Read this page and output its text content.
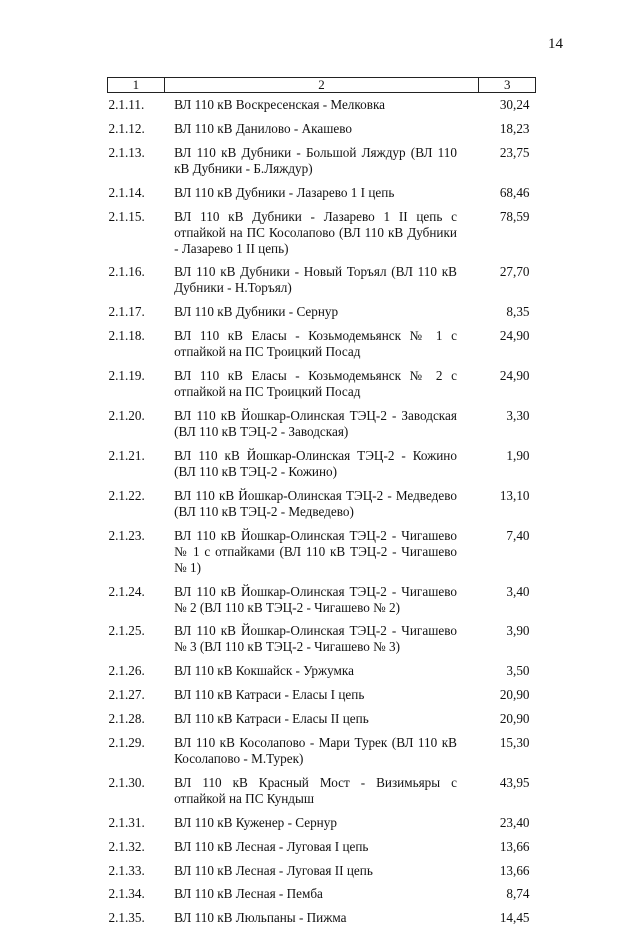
14
1	2	3
2.1.11.	ВЛ 110 кВ Воскресенская - Мелковка	30,24
2.1.12.	ВЛ 110 кВ Данилово - Акашево	18,23
2.1.13.	ВЛ 110 кВ Дубники - Большой Ляждур (ВЛ 110 кВ Дубники - Б.Ляждур)	23,75
2.1.14.	ВЛ 110 кВ Дубники - Лазарево 1 I цепь	68,46
2.1.15.	ВЛ 110 кВ Дубники - Лазарево 1 II цепь с отпайкой на ПС Косолапово (ВЛ 110 кВ Дубники - Лазарево 1 II цепь)	78,59
2.1.16.	ВЛ 110 кВ Дубники - Новый Торъял (ВЛ 110 кВ Дубники - Н.Торъял)	27,70
2.1.17.	ВЛ 110 кВ Дубники - Сернур	8,35
2.1.18.	ВЛ 110 кВ Еласы - Козьмодемьянск № 1 с отпайкой на ПС Троицкий Посад	24,90
2.1.19.	ВЛ 110 кВ Еласы - Козьмодемьянск № 2 с отпайкой на ПС Троицкий Посад	24,90
2.1.20.	ВЛ 110 кВ Йошкар-Олинская ТЭЦ-2 - Заводская (ВЛ 110 кВ ТЭЦ-2 - Заводская)	3,30
2.1.21.	ВЛ 110 кВ Йошкар-Олинская ТЭЦ-2 - Кожино (ВЛ 110 кВ ТЭЦ-2 - Кожино)	1,90
2.1.22.	ВЛ 110 кВ Йошкар-Олинская ТЭЦ-2 - Медведево (ВЛ 110 кВ ТЭЦ-2 - Медведево)	13,10
2.1.23.	ВЛ 110 кВ Йошкар-Олинская ТЭЦ-2 - Чигашево № 1 с отпайками (ВЛ 110 кВ ТЭЦ-2 - Чигашево № 1)	7,40
2.1.24.	ВЛ 110 кВ Йошкар-Олинская ТЭЦ-2 - Чигашево № 2 (ВЛ 110 кВ ТЭЦ-2 - Чигашево № 2)	3,40
2.1.25.	ВЛ 110 кВ Йошкар-Олинская ТЭЦ-2 - Чигашево № 3 (ВЛ 110 кВ ТЭЦ-2 - Чигашево № 3)	3,90
2.1.26.	ВЛ 110 кВ Кокшайск - Уржумка	3,50
2.1.27.	ВЛ 110 кВ Катраси - Еласы I цепь	20,90
2.1.28.	ВЛ 110 кВ Катраси - Еласы II цепь	20,90
2.1.29.	ВЛ 110 кВ Косолапово - Мари Турек (ВЛ 110 кВ Косолапово - М.Турек)	15,30
2.1.30.	ВЛ 110 кВ Красный Мост - Визимьяры с отпайкой на ПС Кундыш	43,95
2.1.31.	ВЛ 110 кВ Куженер - Сернур	23,40
2.1.32.	ВЛ 110 кВ Лесная - Луговая I цепь	13,66
2.1.33.	ВЛ 110 кВ Лесная - Луговая II цепь	13,66
2.1.34.	ВЛ 110 кВ Лесная - Пемба	8,74
2.1.35.	ВЛ 110 кВ Люльпаны - Пижма	14,45
